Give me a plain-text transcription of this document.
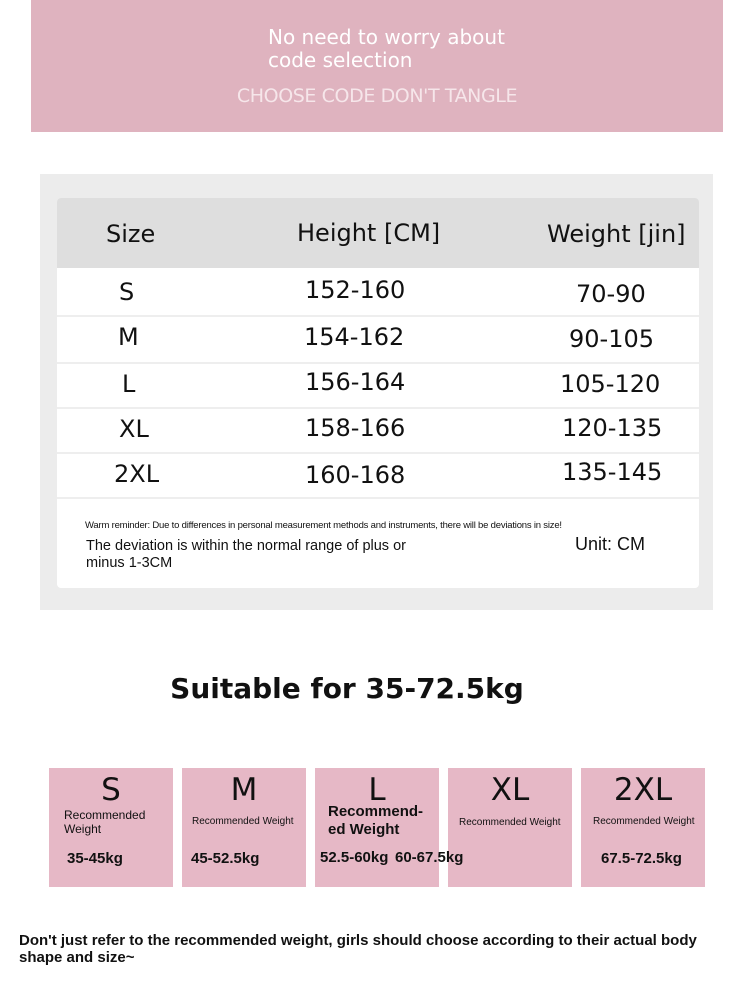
No need to worry about code selection
CHOOSE CODE DON'T TANGLE
Size	Height [CM]	Weight [jin]
S	152-160	70-90
M	154-162	90-105
L	156-164	105-120
XL	158-166	120-135
2XL	160-168	135-145
Warm reminder: Due to differences in personal measurement methods and instruments, there will be deviations in size!
The deviation is within the normal range of plus or minus 1-3CM
Unit: CM
Suitable for 35-72.5kg
S
Recommended Weight
35-45kg
M
Recommended Weight
45-52.5kg
L
Recommend-ed Weight
52.5-60kg
XL
Recommended Weight
60-67.5kg
2XL
Recommended Weight
67.5-72.5kg
Don't just refer to the recommended weight, girls should choose according to their actual body shape and size~
